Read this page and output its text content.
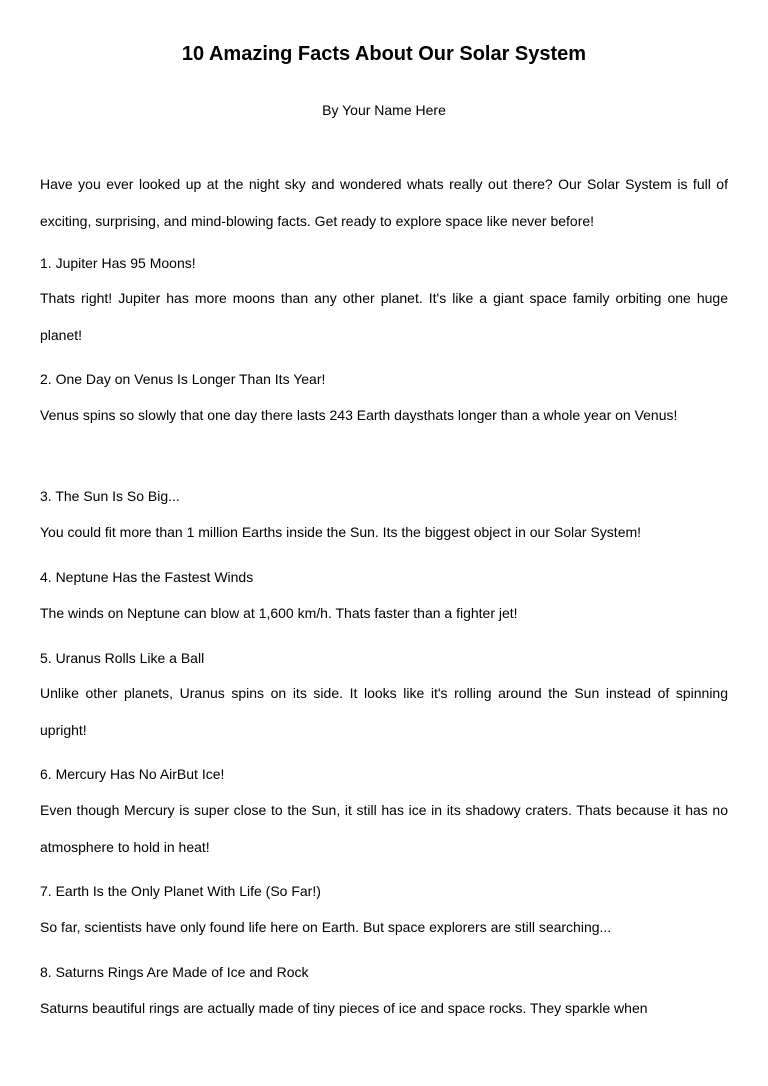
10 Amazing Facts About Our Solar System

By Your Name Here

Have you ever looked up at the night sky and wondered whats really out there? Our Solar System is full of exciting, surprising, and mind-blowing facts. Get ready to explore space like never before!

1. Jupiter Has 95 Moons!

Thats right! Jupiter has more moons than any other planet. It's like a giant space family orbiting one huge planet!

2. One Day on Venus Is Longer Than Its Year!

Venus spins so slowly that one day there lasts 243 Earth daysthats longer than a whole year on Venus!

3. The Sun Is So Big...

You could fit more than 1 million Earths inside the Sun. Its the biggest object in our Solar System!

4. Neptune Has the Fastest Winds

The winds on Neptune can blow at 1,600 km/h. Thats faster than a fighter jet!

5. Uranus Rolls Like a Ball

Unlike other planets, Uranus spins on its side. It looks like it's rolling around the Sun instead of spinning upright!

6. Mercury Has No AirBut Ice!

Even though Mercury is super close to the Sun, it still has ice in its shadowy craters. Thats because it has no atmosphere to hold in heat!

7. Earth Is the Only Planet With Life (So Far!)

So far, scientists have only found life here on Earth. But space explorers are still searching...

8. Saturns Rings Are Made of Ice and Rock

Saturns beautiful rings are actually made of tiny pieces of ice and space rocks. They sparkle when
